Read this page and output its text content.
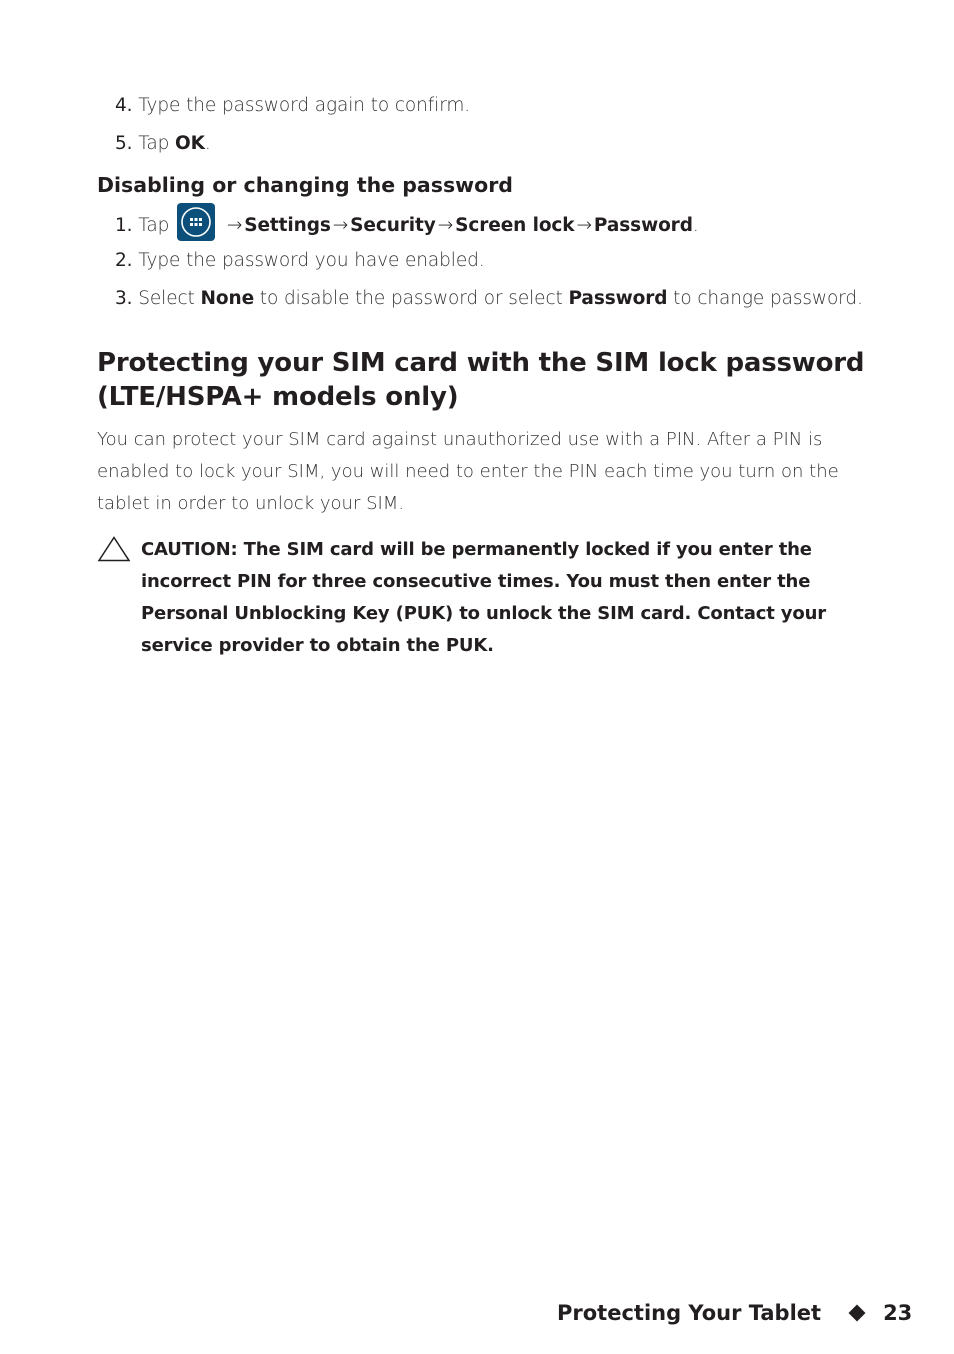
4. Type the password again to confirm.
5. Tap OK.
Disabling or changing the password
1. Tap	→ Settings → Security → Screen lock → Password.
2. Type the password you have enabled.
3. Select None to disable the password or select Password to change password.
Protecting your SIM card with the SIM lock password (LTE/HSPA+ models only)
You can protect your SIM card against unauthorized use with a PIN. After a PIN is enabled to lock your SIM, you will need to enter the PIN each time you turn on the tablet in order to unlock your SIM.
CAUTION: The SIM card will be permanently locked if you enter the incorrect PIN for three consecutive times. You must then enter the Personal Unblocking Key (PUK) to unlock the SIM card. Contact your service provider to obtain the PUK.
Protecting Your Tablet	23
